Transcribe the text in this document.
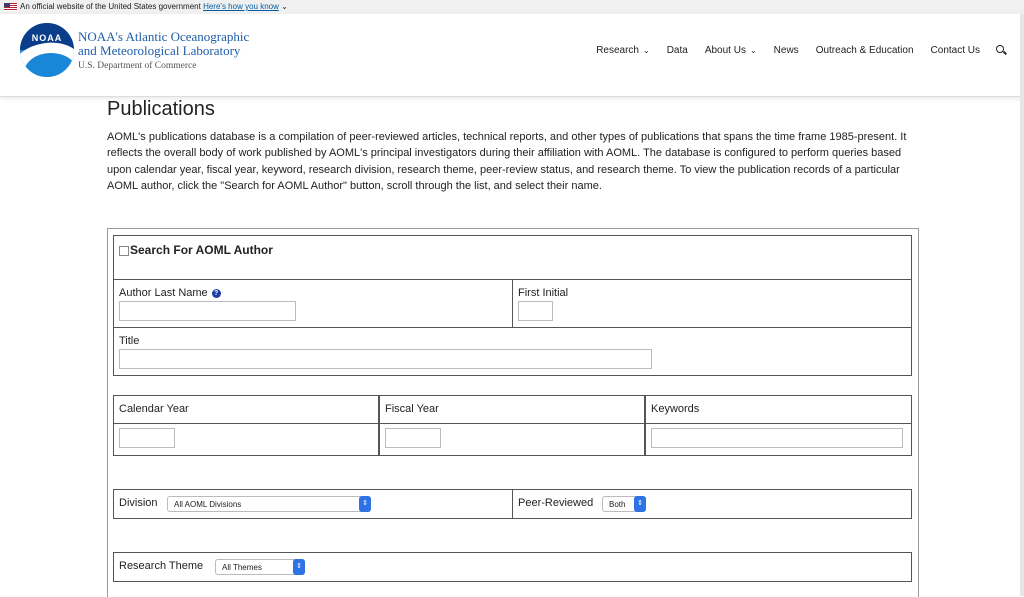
An official website of the United States government Here's how you know ⌄
NOAA	NOAA's Atlantic Oceanographic
and Meteorological Laboratory
U.S. Department of Commerce
Research ⌄ Data About Us ⌄ News Outreach & Education Contact Us
Publications

AOML's publications database is a compilation of peer-reviewed articles, technical reports, and other types of publications that spans the time frame 1985-present. It reflects the overall body of work published by AOML's principal investigators during their affiliation with AOML. The database is configured to perform queries based upon calendar year, fiscal year, keyword, research division, research theme, peer-review status, and research theme. To view the publication records of a particular AOML author, click the "Search for AOML Author" button, scroll through the list, and select their name.

Search For AOML Author
Author Last Name ?	First Initial
Title
Calendar Year	Fiscal Year	Keywords
Division	All AOML Divisions	⇕	Peer-Reviewed	Both	⇕
Research Theme	All Themes	⇕
